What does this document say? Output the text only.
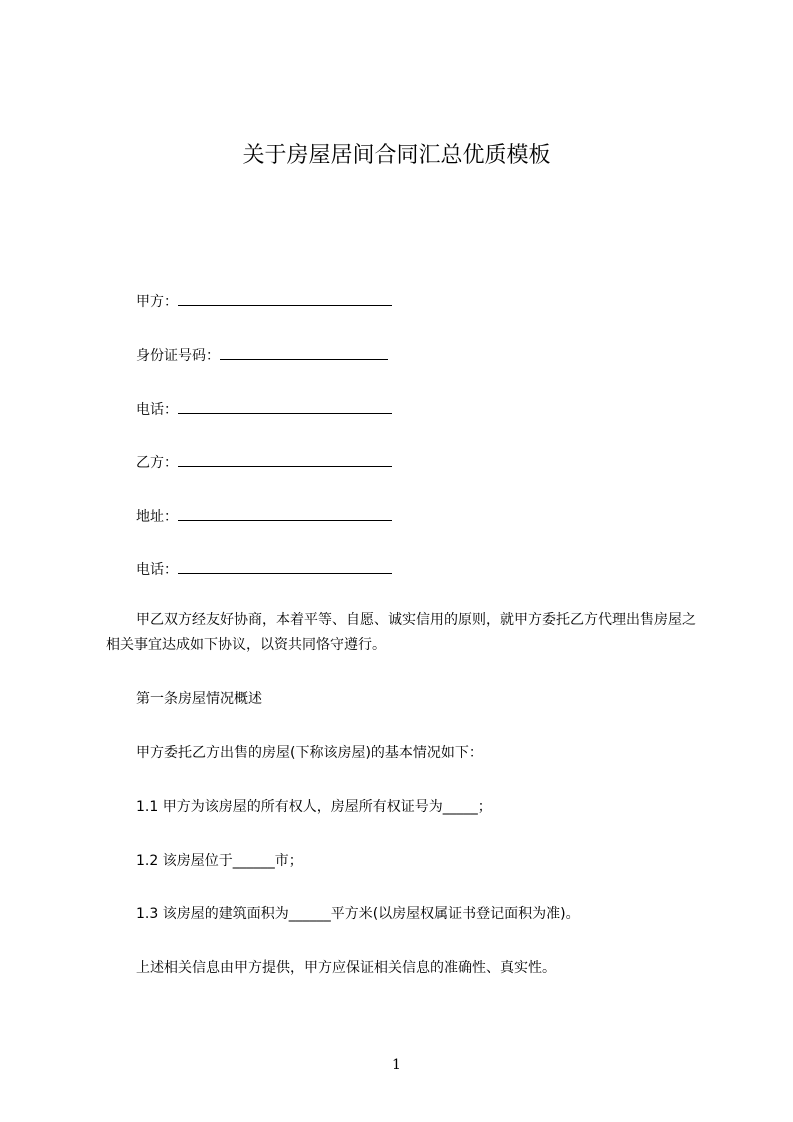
关于房屋居间合同汇总优质模板
甲方：
身份证号码：
电话：
乙方：
地址：
电话：

甲乙双方经友好协商，本着平等、自愿、诚实信用的原则，就甲方委托乙方代理出售房屋之相关事宜达成如下协议，以资共同恪守遵行。

第一条房屋情况概述
甲方委托乙方出售的房屋(下称该房屋)的基本情况如下：
1.1 甲方为该房屋的所有权人，房屋所有权证号为_____；
1.2 该房屋位于______市；
1.3 该房屋的建筑面积为______平方米(以房屋权属证书登记面积为准)。
上述相关信息由甲方提供，甲方应保证相关信息的准确性、真实性。
1
